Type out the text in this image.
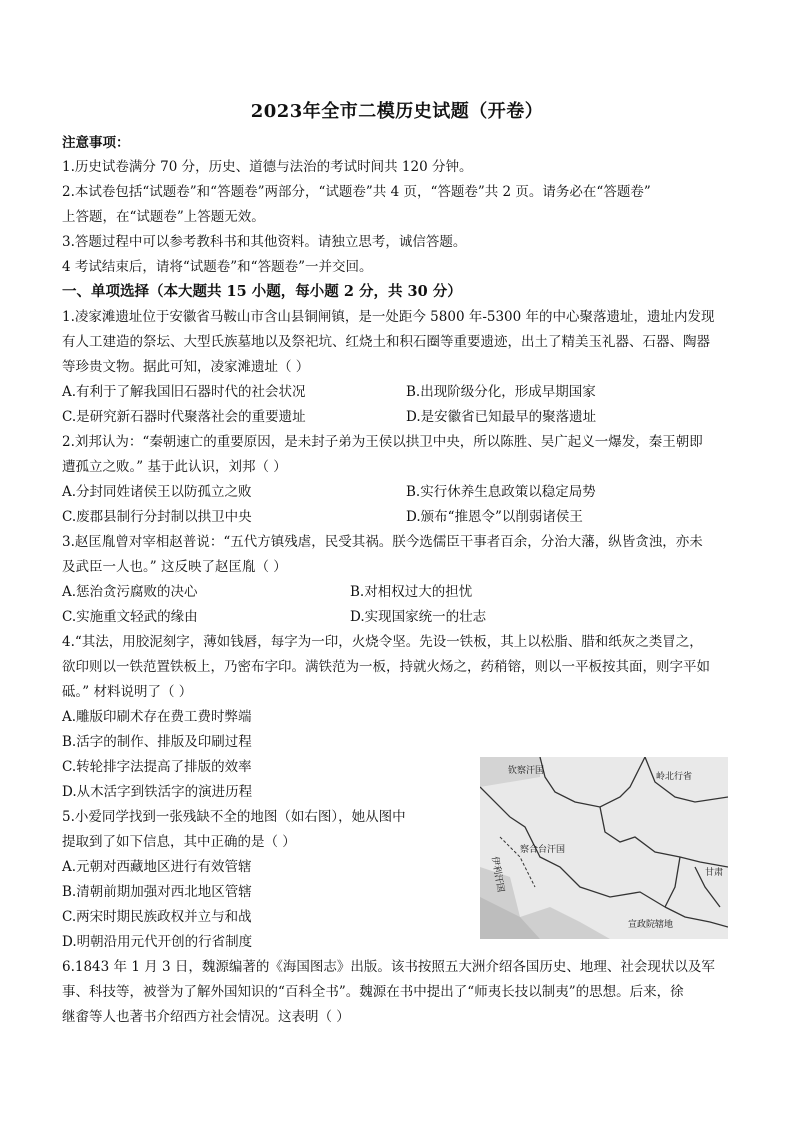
2023年全市二模历史试题（开卷）
注意事项：
1.历史试卷满分 70 分，历史、道德与法治的考试时间共 120 分钟。
2.本试卷包括“试题卷”和“答题卷”两部分，“试题卷”共 4 页，“答题卷”共 2 页。请务必在“答题卷”
上答题，在“试题卷”上答题无效。
3.答题过程中可以参考教科书和其他资料。请独立思考，诚信答题。
4 考试结束后，请将“试题卷”和“答题卷”一并交回。
一、单项选择（本大题共 15 小题，每小题 2 分，共 30 分）
1.凌家滩遗址位于安徽省马鞍山市含山县铜闸镇，是一处距今 5800 年-5300 年的中心聚落遗址，遗址内发现
有人工建造的祭坛、大型氏族墓地以及祭祀坑、红烧土和积石圈等重要遗迹，出土了精美玉礼器、石器、陶器
等珍贵文物。据此可知，凌家滩遗址（ ）
A.有利于了解我国旧石器时代的社会状况	B.出现阶级分化，形成早期国家
C.是研究新石器时代聚落社会的重要遗址	D.是安徽省已知最早的聚落遗址
2.刘邦认为：“秦朝速亡的重要原因，是未封子弟为王侯以拱卫中央，所以陈胜、吴广起义一爆发，秦王朝即
遭孤立之败。” 基于此认识，刘邦（ ）
A.分封同姓诸侯王以防孤立之败	B.实行休养生息政策以稳定局势
C.废郡县制行分封制以拱卫中央	D.颁布“推恩令”以削弱诸侯王
3.赵匡胤曾对宰相赵普说：“五代方镇残虐，民受其祸。朕今选儒臣干事者百余，分治大藩，纵皆贪浊，亦未
及武臣一人也。” 这反映了赵匡胤（ ）
A.惩治贪污腐败的决心	B.对相权过大的担忧
C.实施重文轻武的缘由	D.实现国家统一的壮志
4.“其法，用胶泥刻字，薄如钱唇，每字为一印，火烧令坚。先设一铁板，其上以松脂、腊和纸灰之类冒之，
欲印则以一铁范置铁板上，乃密布字印。满铁范为一板，持就火炀之，药稍镕，则以一平板按其面，则字平如
砥。” 材料说明了（ ）
A.雕版印刷术存在费工费时弊端
B.活字的制作、排版及印刷过程
C.转轮排字法提高了排版的效率
D.从木活字到铁活字的演进历程
5.小爱同学找到一张残缺不全的地图（如右图），她从图中
提取到了如下信息，其中正确的是（ ）
A.元朝对西藏地区进行有效管辖
B.清朝前期加强对西北地区管辖
C.两宋时期民族政权并立与和战
D.明朝沿用元代开创的行省制度
6.1843 年 1 月 3 日，魏源编著的《海国图志》出版。该书按照五大洲介绍各国历史、地理、社会现状以及军
事、科技等，被誉为了解外国知识的“百科全书”。魏源在书中提出了“师夷长技以制夷”的思想。后来，徐
继畬等人也著书介绍西方社会情况。这表明（ ）
钦察汗国
岭北行省
察合台汗国
甘肃
宣政院辖地
伊利汗国
